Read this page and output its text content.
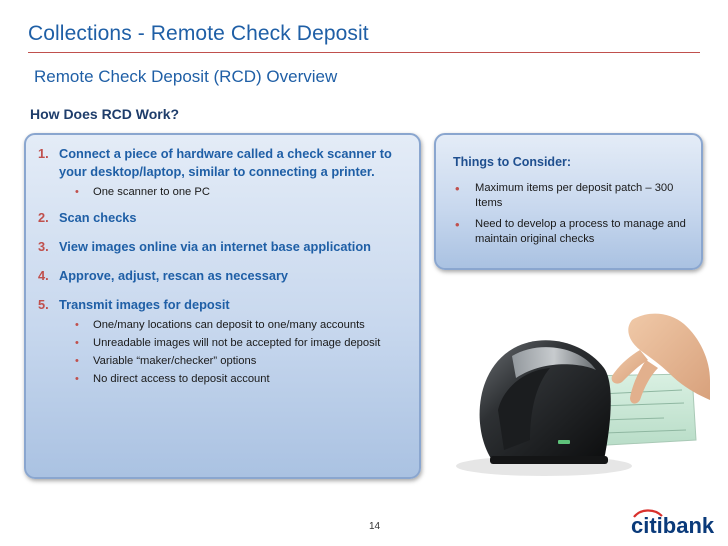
Collections - Remote Check Deposit
Remote Check Deposit (RCD) Overview
How Does RCD Work?
1. Connect a piece of hardware called a check scanner to your desktop/laptop, similar to connecting a printer.
• One scanner to one PC
2. Scan checks
3. View images online via an internet base application
4. Approve, adjust, rescan as necessary
5. Transmit images for deposit
• One/many locations can deposit to one/many accounts
• Unreadable images will not be accepted for image deposit
• Variable “maker/checker” options
• No direct access to deposit account
Things to Consider:
• Maximum items per deposit patch – 300 Items
• Need to develop a process to manage and maintain original checks
14	citibank
